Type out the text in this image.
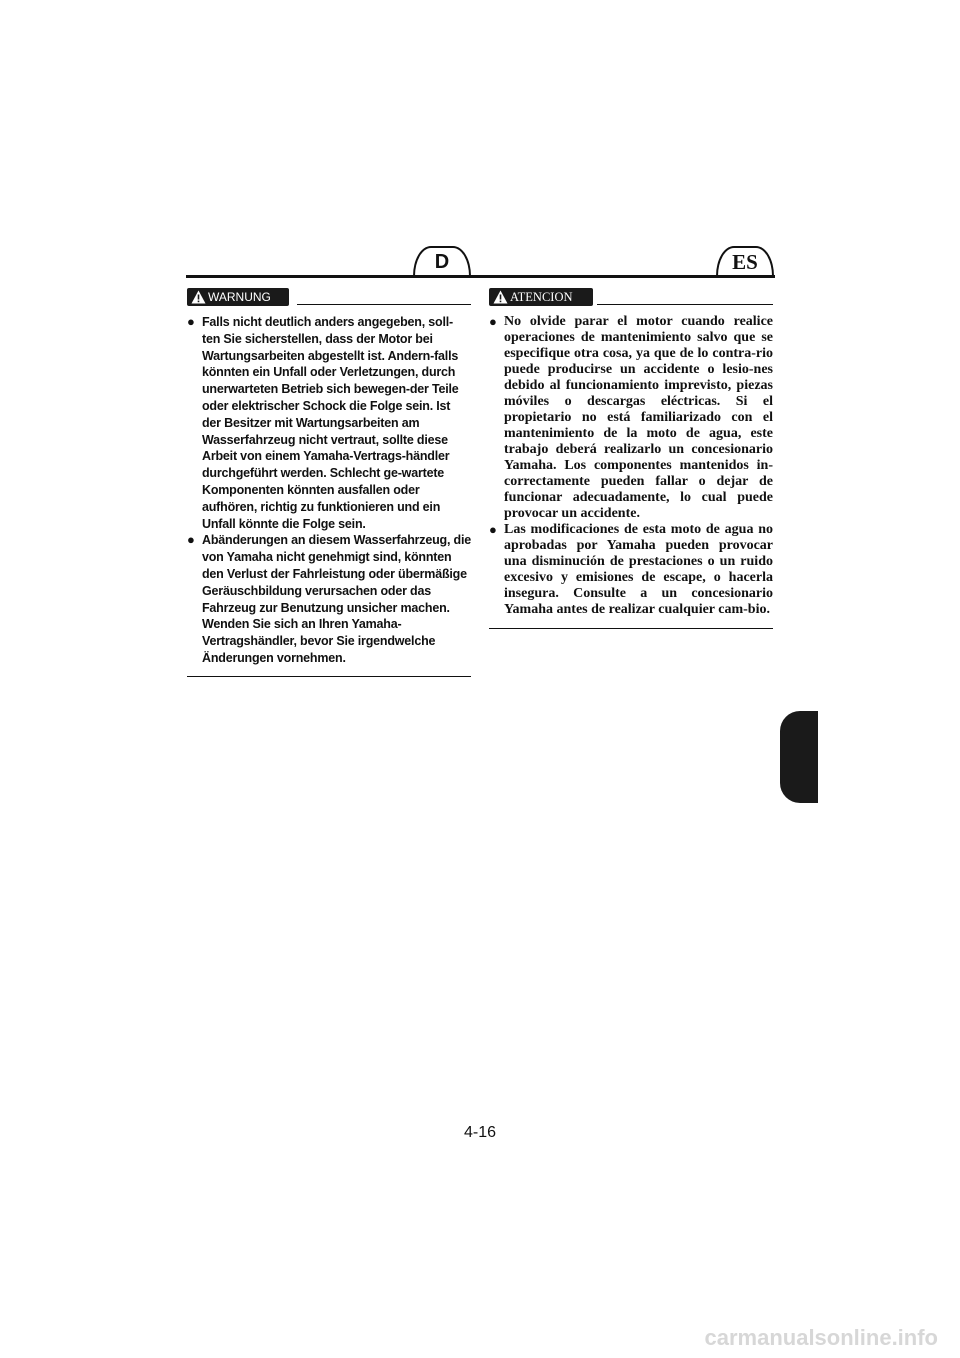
D	ES
WARNUNG
● Falls nicht deutlich anders angegeben, soll-ten Sie sicherstellen, dass der Motor bei Wartungsarbeiten abgestellt ist. Andern-falls könnten ein Unfall oder Verletzungen, durch unerwarteten Betrieb sich bewegen-der Teile oder elektrischer Schock die Folge sein. Ist der Besitzer mit Wartungsarbeiten am Wasserfahrzeug nicht vertraut, sollte diese Arbeit von einem Yamaha-Vertrags-händler durchgeführt werden. Schlecht ge-wartete Komponenten könnten ausfallen oder aufhören, richtig zu funktionieren und ein Unfall könnte die Folge sein.
● Abänderungen an diesem Wasserfahrzeug, die von Yamaha nicht genehmigt sind, könnten den Verlust der Fahrleistung oder übermäßige Geräuschbildung verursachen oder das Fahrzeug zur Benutzung unsicher machen. Wenden Sie sich an Ihren Yamaha-Vertragshändler, bevor Sie irgendwelche Änderungen vornehmen.
ATENCION
● No olvide parar el motor cuando realice operaciones de mantenimiento salvo que se especifique otra cosa, ya que de lo contra-rio puede producirse un accidente o lesio-nes debido al funcionamiento imprevisto, piezas móviles o descargas eléctricas. Si el propietario no está familiarizado con el mantenimiento de la moto de agua, este trabajo deberá realizarlo un concesionario Yamaha. Los componentes mantenidos in-correctamente pueden fallar o dejar de funcionar adecuadamente, lo cual puede provocar un accidente.
● Las modificaciones de esta moto de agua no aprobadas por Yamaha pueden provocar una disminución de prestaciones o un ruido excesivo y emisiones de escape, o hacerla insegura. Consulte a un concesionario Yamaha antes de realizar cualquier cam-bio.
4-16
carmanualsonline.info
